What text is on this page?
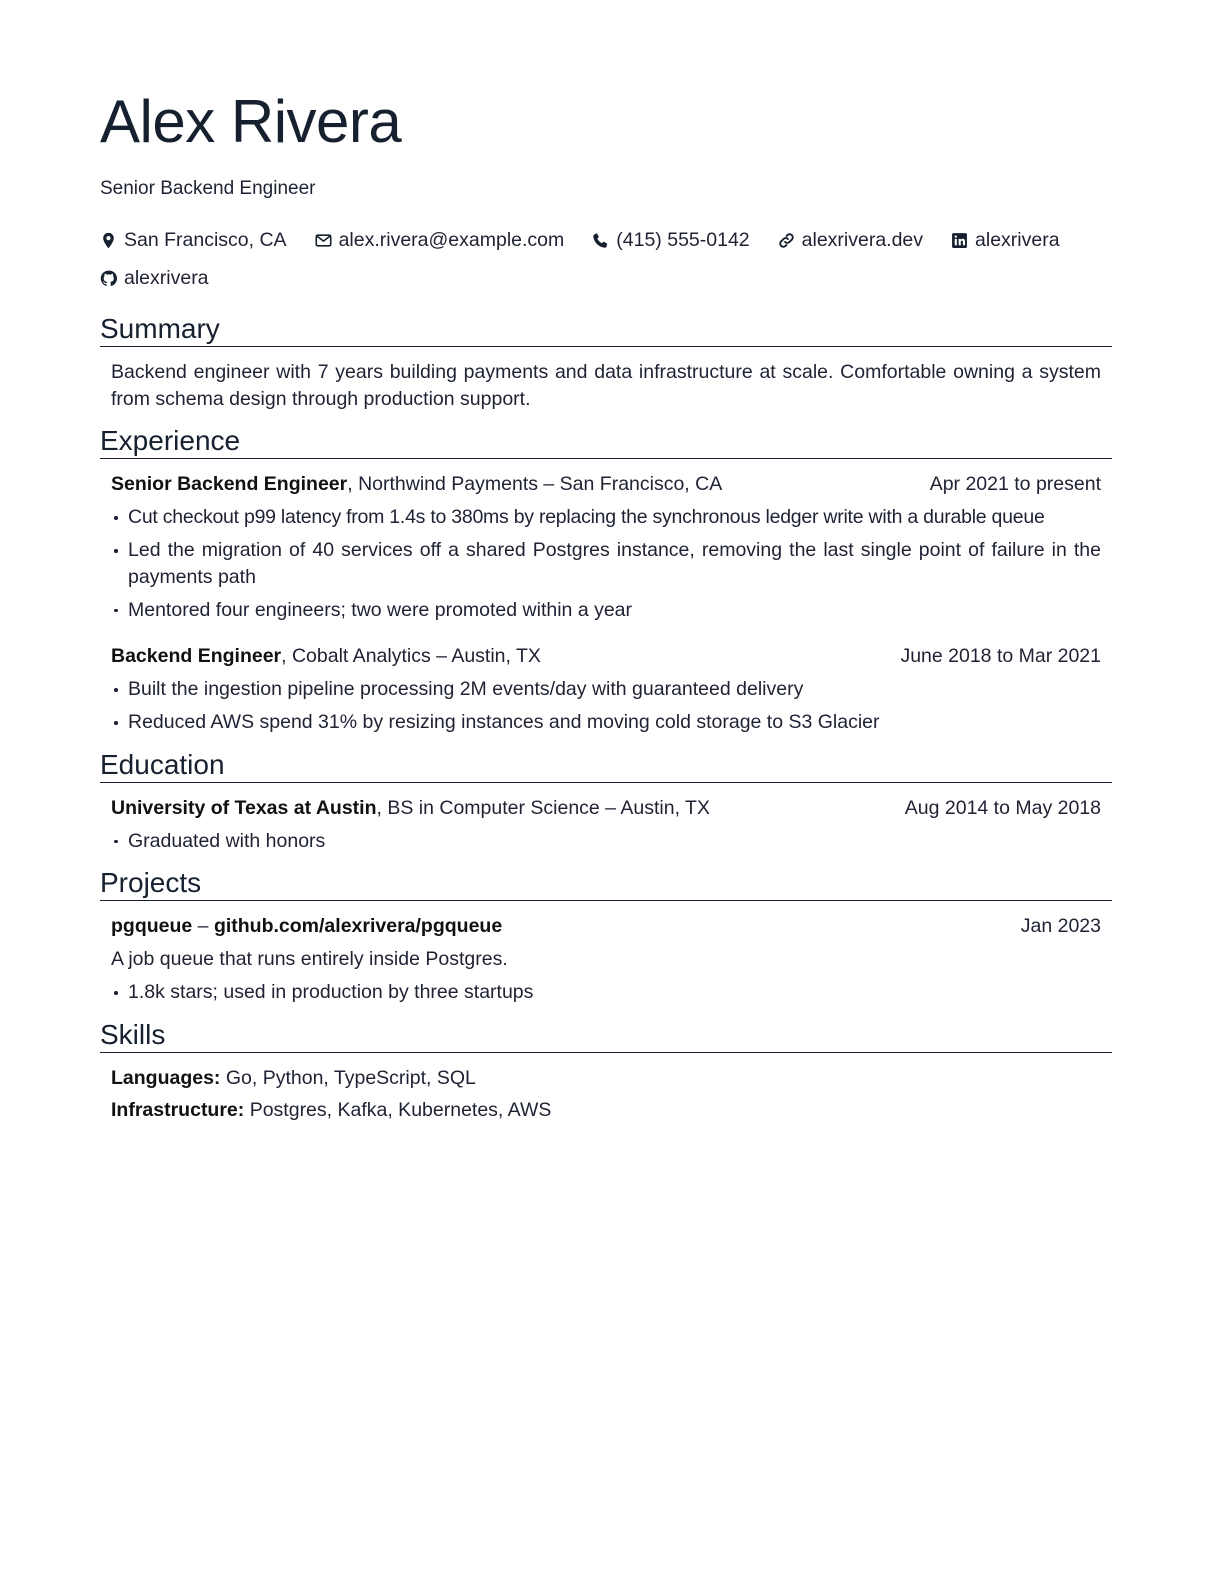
Alex Rivera
Senior Backend Engineer
San Francisco, CA	alex.rivera@example.com	(415) 555-0142	alexrivera.dev	alexrivera
alexrivera
Summary

Backend engineer with 7 years building payments and data infrastructure at scale. Comfortable owning a system from schema design through production support.

Experience
Senior Backend Engineer, Northwind Payments – San Francisco, CA	Apr 2021 to present
Cut checkout p99 latency from 1.4s to 380ms by replacing the synchronous ledger write with a durable queue
Led the migration of 40 services off a shared Postgres instance, removing the last single point of failure in the payments path
Mentored four engineers; two were promoted within a year
Backend Engineer, Cobalt Analytics – Austin, TX	June 2018 to Mar 2021
Built the ingestion pipeline processing 2M events/day with guaranteed delivery
Reduced AWS spend 31% by resizing instances and moving cold storage to S3 Glacier
Education
University of Texas at Austin, BS in Computer Science – Austin, TX	Aug 2014 to May 2018
Graduated with honors
Projects
pgqueue – github.com/alexrivera/pgqueue	Jan 2023
A job queue that runs entirely inside Postgres.
1.8k stars; used in production by three startups
Skills
Languages: Go, Python, TypeScript, SQL
Infrastructure: Postgres, Kafka, Kubernetes, AWS
